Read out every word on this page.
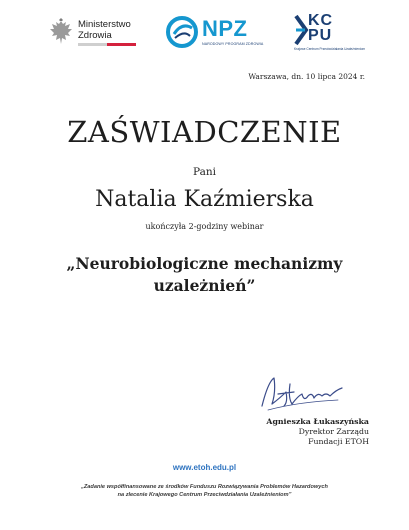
Ministerstwo
Zdrowia	NPZ
NARODOWY PROGRAM ZDROWIA
KC
PU
Krajowe Centrum Przeciwdziałania Uzależnieniom
Warszawa, dn. 10 lipca 2024 r.
ZAŚWIADCZENIE
Pani
Natalia Kaźmierska
ukończyła 2-godziny webinar
„Neurobiologiczne mechanizmy
uzależnień”
Agnieszka Łukaszyńska
Dyrektor Zarządu
Fundacji ETOH
www.etoh.edu.pl
„Zadanie współfinansowane ze środków Funduszu Rozwiązywania Problemów Hazardowych
na zlecenie Krajowego Centrum Przeciwdziałania Uzależnieniom”
